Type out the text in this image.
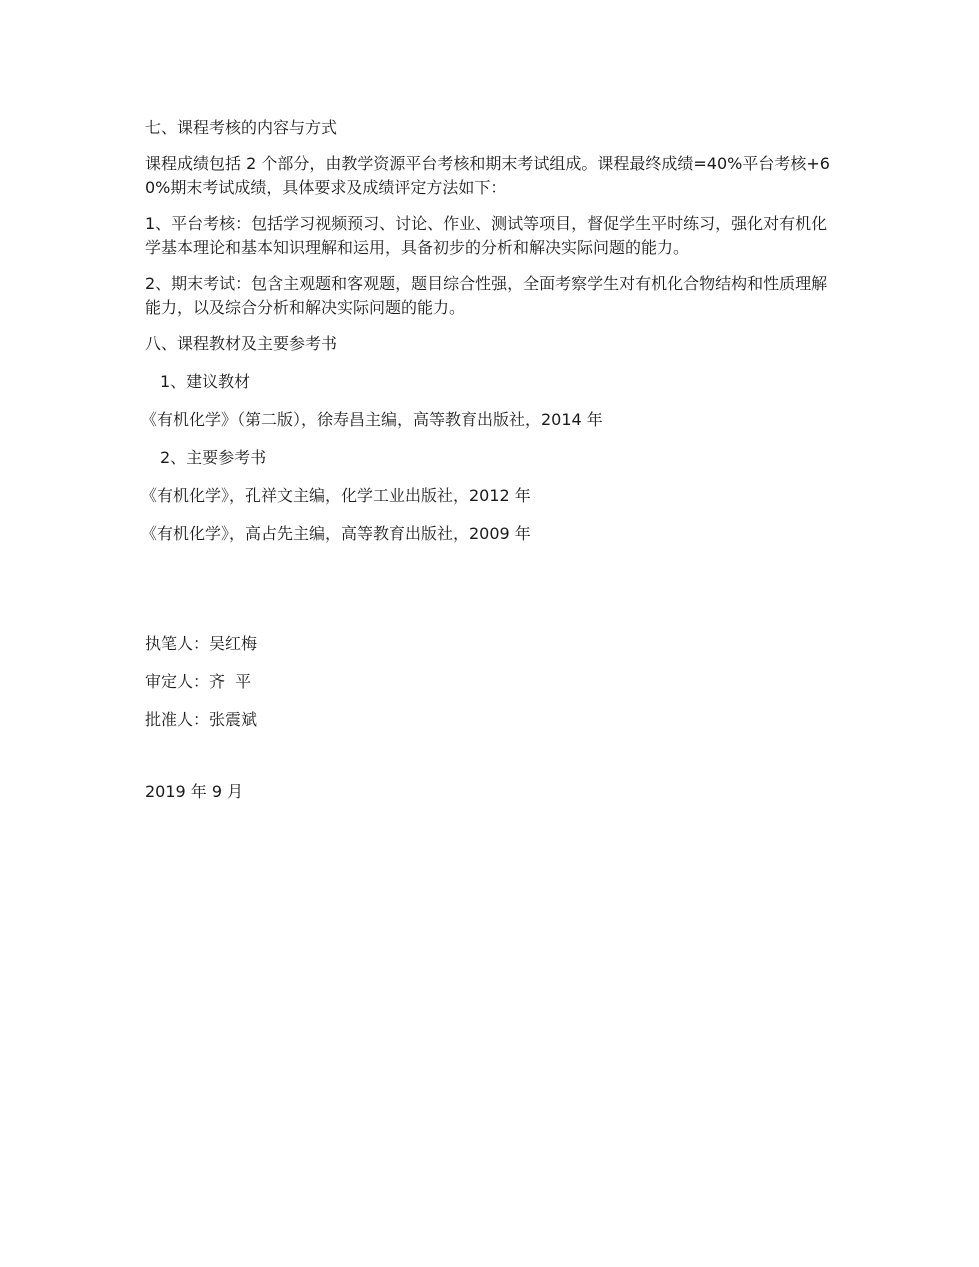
七、课程考核的内容与方式

课程成绩包括 2 个部分，由教学资源平台考核和期末考试组成。课程最终成绩=40%平台考核+60%期末考试成绩，具体要求及成绩评定方法如下：

1、平台考核：包括学习视频预习、讨论、作业、测试等项目，督促学生平时练习，强化对有机化学基本理论和基本知识理解和运用，具备初步的分析和解决实际问题的能力。

2、期末考试：包含主观题和客观题，题目综合性强，全面考察学生对有机化合物结构和性质理解能力，以及综合分析和解决实际问题的能力。

八、课程教材及主要参考书

1、建议教材

《有机化学》（第二版），徐寿昌主编，高等教育出版社，2014 年

2、主要参考书

《有机化学》，孔祥文主编，化学工业出版社，2012 年

《有机化学》，高占先主编，高等教育出版社，2009 年

执笔人：吴红梅

审定人：齐  平

批准人：张震斌

2019 年 9 月
